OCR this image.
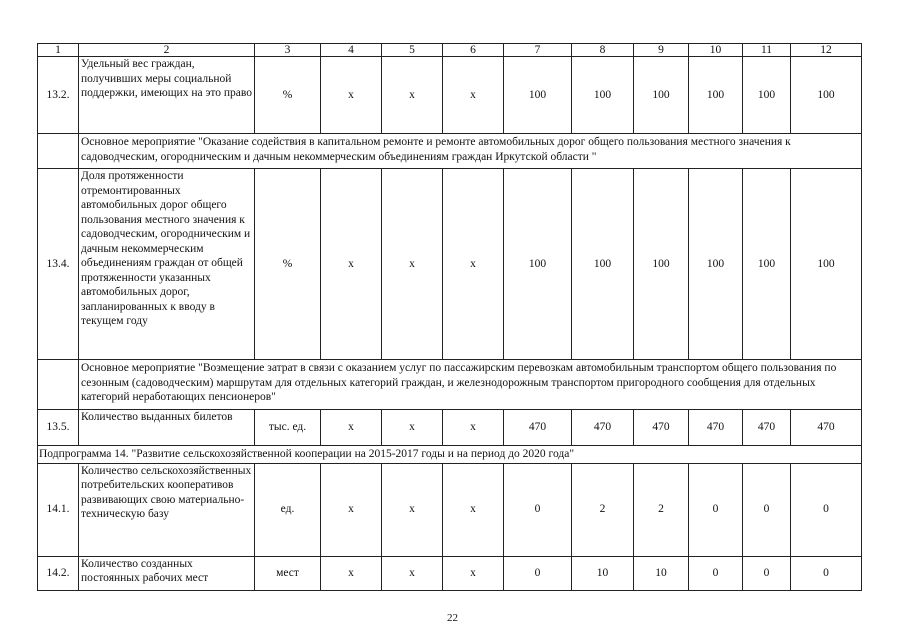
1	2	3	4	5	6	7	8	9	10	11	12
13.2.	Удельный вес граждан, получивших меры социальной поддержки, имеющих на это право	%	х	х	х	100	100	100	100	100	100
	Основное мероприятие "Оказание содействия в капитальном ремонте и ремонте автомобильных дорог общего пользования местного значения к садоводческим, огородническим и дачным некоммерческим объединениям граждан Иркутской области "										
13.4.	Доля протяженности отремонтированных автомобильных дорог общего пользования местного значения к садоводческим, огородническим и дачным некоммерческим объединениям граждан от общей протяженности указанных автомобильных дорог, запланированных к вводу в текущем году	%	х	х	х	100	100	100	100	100	100
	Основное мероприятие "Возмещение затрат в связи с оказанием услуг по пассажирским перевозкам автомобильным транспортом общего пользования по сезонным (садоводческим) маршрутам для отдельных категорий граждан, и железнодорожным транспортом пригородного сообщения для отдельных категорий неработающих пенсионеров"										
13.5.	Количество выданных билетов	тыс. ед.	х	х	х	470	470	470	470	470	470
Подпрограмма 14. "Развитие сельскохозяйственной кооперации на 2015-2017 годы и на период до 2020 года"											
14.1.	Количество сельскохозяйственных потребительских кооперативов развивающих свою материально-техническую базу	ед.	х	х	х	0	2	2	0	0	0
14.2.	Количество созданных постоянных рабочих мест	мест	х	х	х	0	10	10	0	0	0
22
